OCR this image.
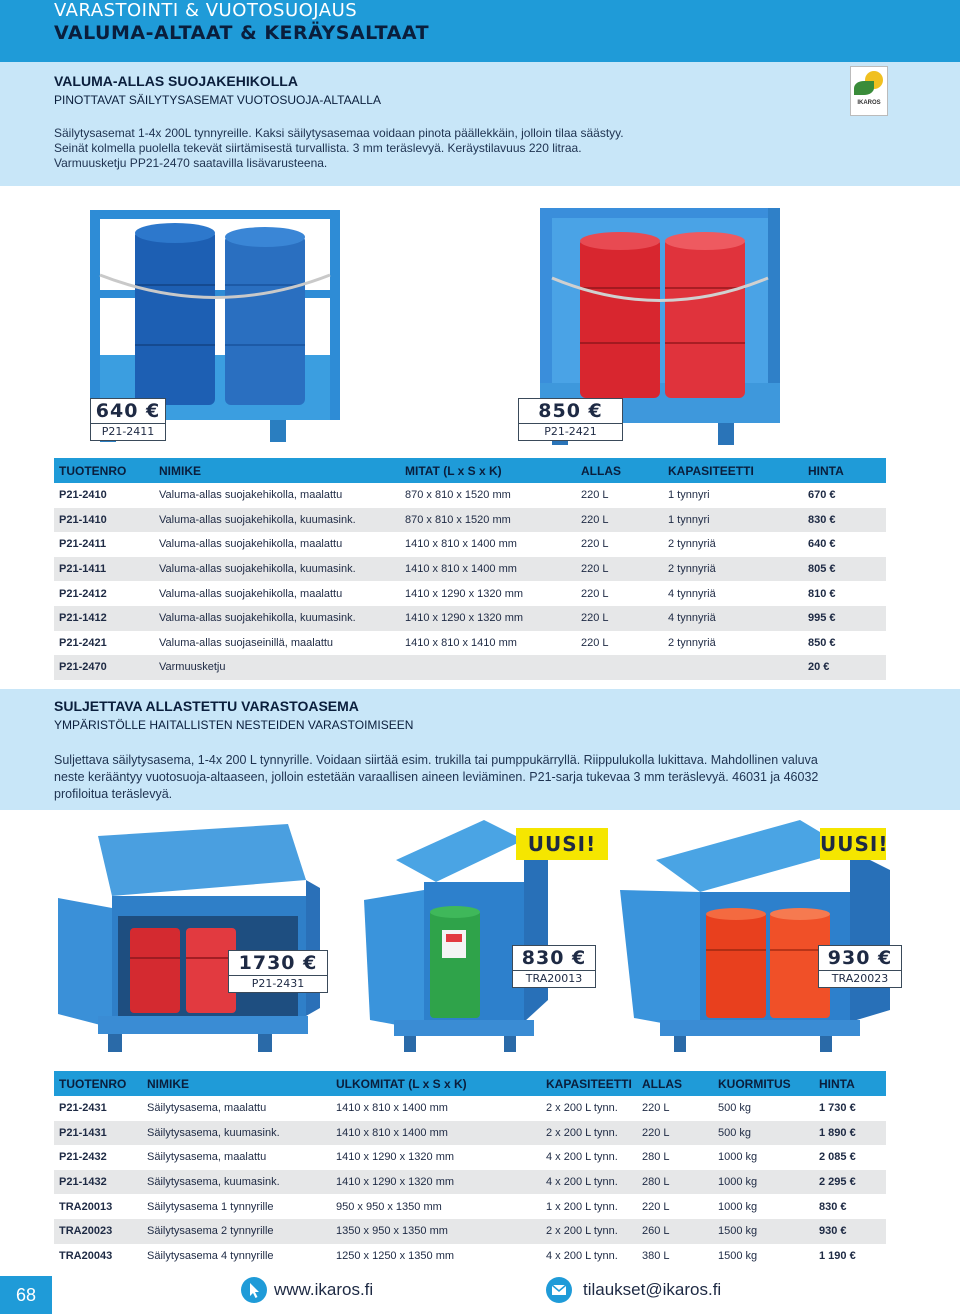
VARASTOINTI & VUOTOSUOJAUS
VALUMA-ALTAAT & KERÄYSALTAAT
VALUMA-ALLAS SUOJAKEHIKOLLA
PINOTTAVAT SÄILYTYSASEMAT VUOTOSUOJA-ALTAALLA	IKAROS
Säilytysasemat 1-4x 200L tynnyreille. Kaksi säilytysasemaa voidaan pinota päällekkäin, jolloin tilaa säästyy.
Seinät kolmella puolella tekevät siirtämisestä turvallista. 3 mm teräslevyä. Keräystilavuus 220 litraa.
Varmuusketju PP21-2470 saatavilla lisävarusteena.
640 €
P21-2411
850 €
P21-2421
TUOTENRO	NIMIKE	MITAT (L x S x K)	ALLAS	KAPASITEETTI	HINTA
P21-2410	Valuma-allas suojakehikolla, maalattu	870 x 810 x 1520 mm	220 L	1 tynnyri	670 €
P21-1410	Valuma-allas suojakehikolla, kuumasink.	870 x 810 x 1520 mm	220 L	1 tynnyri	830 €
P21-2411	Valuma-allas suojakehikolla, maalattu	1410 x 810 x 1400 mm	220 L	2 tynnyriä	640 €
P21-1411	Valuma-allas suojakehikolla, kuumasink.	1410 x 810 x 1400 mm	220 L	2 tynnyriä	805 €
P21-2412	Valuma-allas suojakehikolla, maalattu	1410 x 1290 x 1320 mm	220 L	4 tynnyriä	810 €
P21-1412	Valuma-allas suojakehikolla, kuumasink.	1410 x 1290 x 1320 mm	220 L	4 tynnyriä	995 €
P21-2421	Valuma-allas suojaseinillä, maalattu	1410 x 810 x 1410 mm	220 L	2 tynnyriä	850 €
P21-2470	Varmuusketju				20 €
SULJETTAVA ALLASTETTU VARASTOASEMA
YMPÄRISTÖLLE HAITALLISTEN NESTEIDEN VARASTOIMISEEN
Suljettava säilytysasema, 1-4x 200 L tynnyrille. Voidaan siirtää esim. trukilla tai pumppukärryllä. Riippulukolla lukittava. Mahdollinen valuva
neste kerääntyy vuotosuoja-altaaseen, jolloin estetään varaallisen aineen leviäminen. P21-sarja tukevaa 3 mm teräslevyä. 46031 ja 46032
profiloitua teräslevyä.
UUSI!	UUSI!
1730 €
P21-2431
830 €
TRA20013
930 €
TRA20023
TUOTENRO	NIMIKE	ULKOMITAT (L x S x K)	KAPASITEETTI	ALLAS	KUORMITUS	HINTA
P21-2431	Säilytysasema, maalattu	1410 x 810 x 1400 mm	2 x 200 L tynn.	220 L	500 kg	1 730 €
P21-1431	Säilytysasema, kuumasink.	1410 x 810 x 1400 mm	2 x 200 L tynn.	220 L	500 kg	1 890 €
P21-2432	Säilytysasema, maalattu	1410 x 1290 x 1320 mm	4 x 200 L tynn.	280 L	1000 kg	2 085 €
P21-1432	Säilytysasema, kuumasink.	1410 x 1290 x 1320 mm	4 x 200 L tynn.	280 L	1000 kg	2 295 €
TRA20013	Säilytysasema 1 tynnyrille	950 x 950 x 1350 mm	1 x 200 L tynn.	220 L	1000 kg	830 €
TRA20023	Säilytysasema 2 tynnyrille	1350 x 950 x 1350 mm	2 x 200 L tynn.	260 L	1500 kg	930 €
TRA20043	Säilytysasema 4 tynnyrille	1250 x 1250 x 1350 mm	4 x 200 L tynn.	380 L	1500 kg	1 190 €
68	www.ikaros.fi	tilaukset@ikaros.fi
